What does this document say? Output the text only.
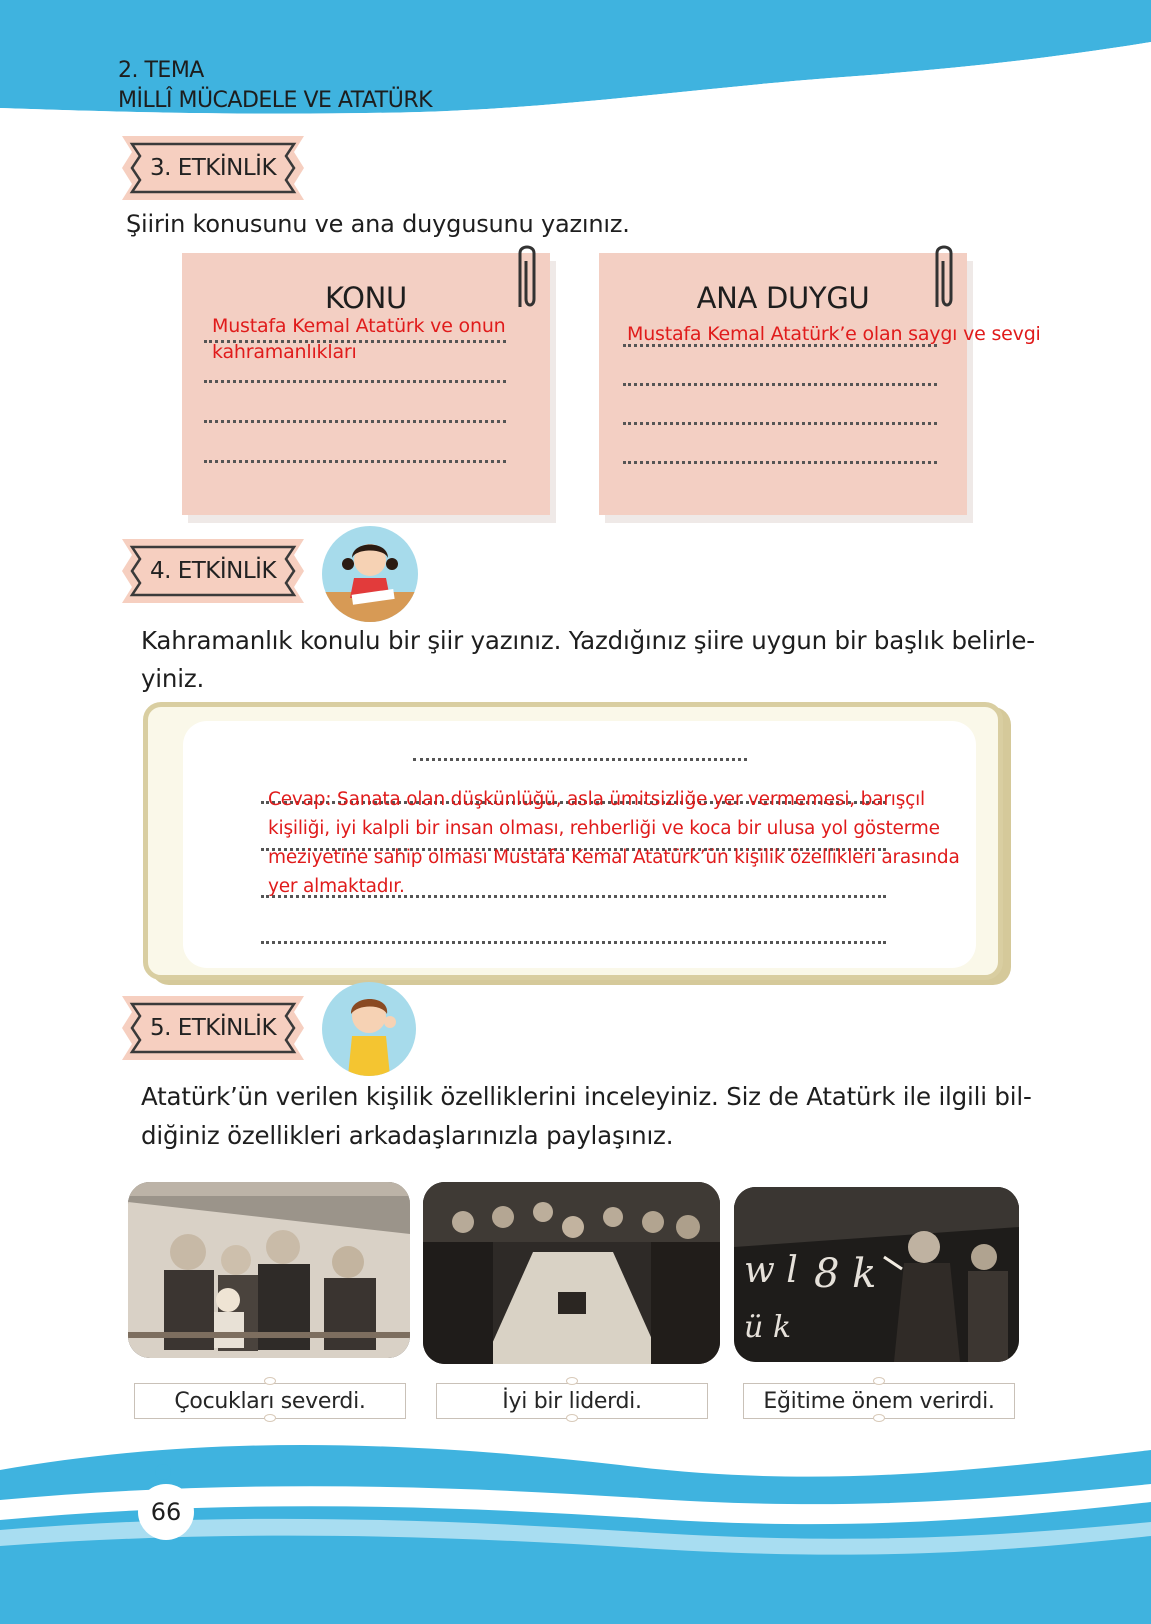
2. TEMA
MİLLÎ MÜCADELE VE ATATÜRK
3. ETKİNLİK
Şiirin konusunu ve ana duygusunu yazınız.
KONU
Mustafa Kemal Atatürk ve onun kahramanlıkları
ANA DUYGU
Mustafa Kemal Atatürk’e olan saygı ve sevgi
4. ETKİNLİK
Kahramanlık konulu bir şiir yazınız. Yazdığınız şiire uygun bir başlık belirle-
yiniz.
Cevap: Sanata olan düşkünlüğü, asla ümitsizliğe yer vermemesi, barışçıl kişiliği, iyi kalpli bir insan olması, rehberliği ve koca bir ulusa yol gösterme meziyetine sahip olması Mustafa Kemal Atatürk’ün kişilik özellikleri arasında yer almaktadır.
5. ETKİNLİK
Atatürk’ün verilen kişilik özelliklerini inceleyiniz. Siz de Atatürk ile ilgili bil-
diğiniz özellikleri arkadaşlarınızla paylaşınız.
w l
ü k
8 k
Çocukları severdi.	İyi bir liderdi.	Eğitime önem verirdi.
66
